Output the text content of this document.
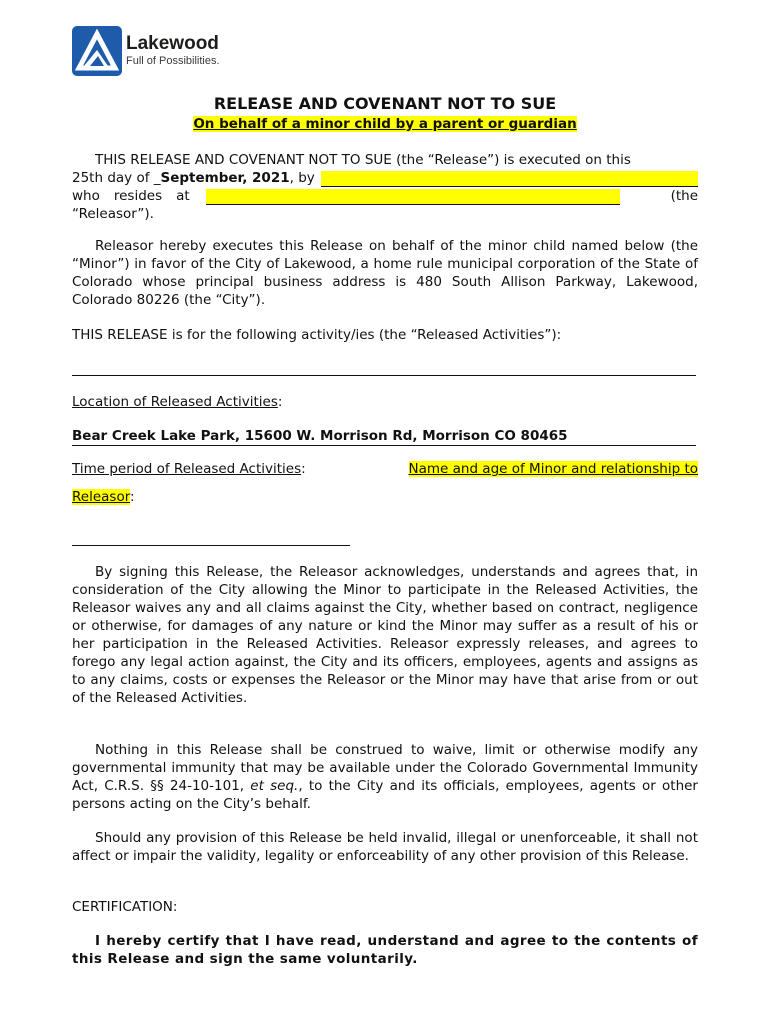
Lakewood
Full of Possibilities.
RELEASE AND COVENANT NOT TO SUE
On behalf of a minor child by a parent or guardian
THIS RELEASE AND COVENANT NOT TO SUE (the “Release”) is executed on this
25th day of _ September, 2021 , by
who resides at	(the
“Releasor”).
Releasor hereby executes this Release on behalf of the minor child named below (the “Minor”) in favor of the City of Lakewood, a home rule municipal corporation of the State of Colorado whose principal business address is 480 South Allison Parkway, Lakewood, Colorado 80226 (the “City”).
THIS RELEASE is for the following activity/ies (the “Released Activities”):
Location of Released Activities:
Bear Creek Lake Park, 15600 W. Morrison Rd, Morrison CO 80465
Time period of Released Activities:	Name and age of Minor and relationship to
Releasor:
By signing this Release, the Releasor acknowledges, understands and agrees that, in consideration of the City allowing the Minor to participate in the Released Activities, the Releasor waives any and all claims against the City, whether based on contract, negligence or otherwise, for damages of any nature or kind the Minor may suffer as a result of his or her participation in the Released Activities. Releasor expressly releases, and agrees to forego any legal action against, the City and its officers, employees, agents and assigns as to any claims, costs or expenses the Releasor or the Minor may have that arise from or out of the Released Activities.
Nothing in this Release shall be construed to waive, limit or otherwise modify any governmental immunity that may be available under the Colorado Governmental Immunity Act, C.R.S. §§ 24-10-101, et seq., to the City and its officials, employees, agents or other persons acting on the City’s behalf.
Should any provision of this Release be held invalid, illegal or unenforceable, it shall not affect or impair the validity, legality or enforceability of any other provision of this Release.
CERTIFICATION:
I hereby certify that I have read, understand and agree to the contents of this Release and sign the same voluntarily.
